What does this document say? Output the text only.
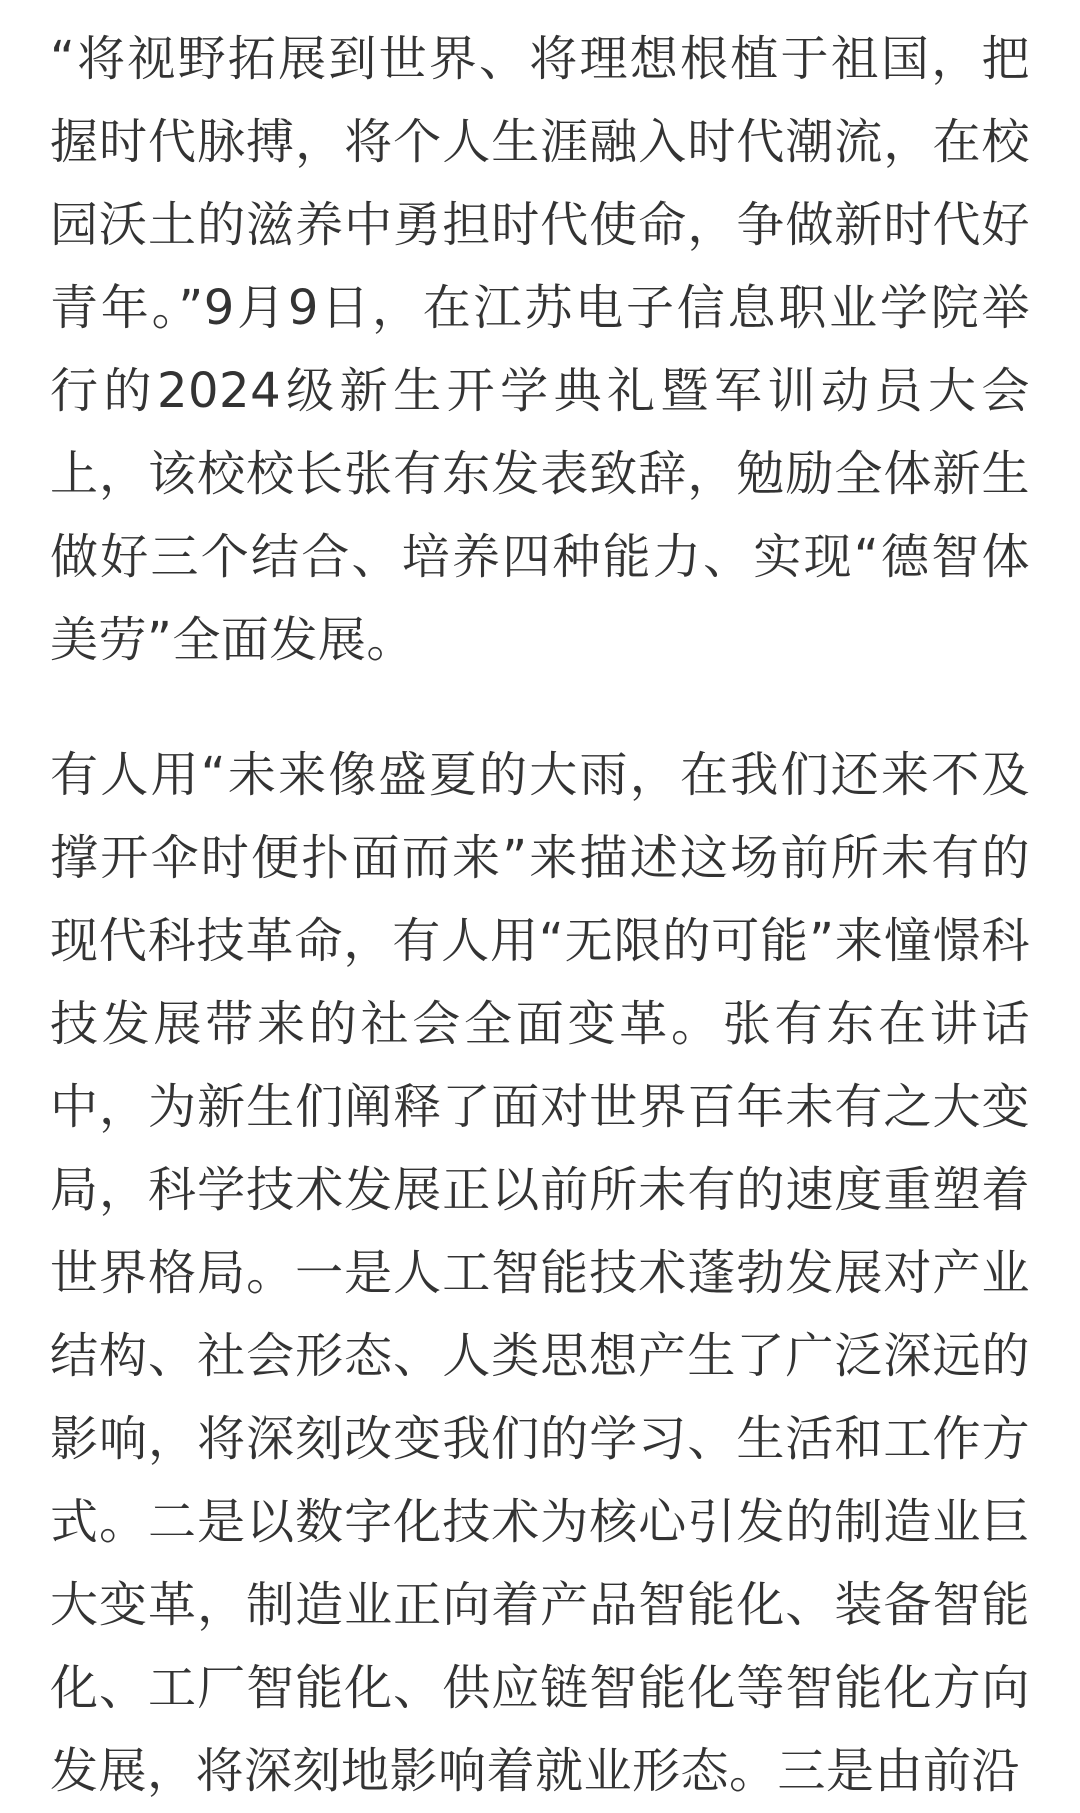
“将视野拓展到世界、将理想根植于祖国，把握时代脉搏，将个人生涯融入时代潮流，在校园沃土的滋养中勇担时代使命，争做新时代好青年。”9月9日，在江苏电子信息职业学院举行的2024级新生开学典礼暨军训动员大会上，该校校长张有东发表致辞，勉励全体新生做好三个结合、培养四种能力、实现“德智体美劳”全面发展。

有人用“未来像盛夏的大雨，在我们还来不及撑开伞时便扑面而来”来描述这场前所未有的现代科技革命，有人用“无限的可能”来憧憬科技发展带来的社会全面变革。张有东在讲话中，为新生们阐释了面对世界百年未有之大变局，科学技术发展正以前所未有的速度重塑着世界格局。一是人工智能技术蓬勃发展对产业结构、社会形态、人类思想产生了广泛深远的影响，将深刻改变我们的学习、生活和工作方式。二是以数字化技术为核心引发的制造业巨大变革，制造业正向着产品智能化、装备智能化、工厂智能化、供应链智能化等智能化方向发展，将深刻地影响着就业形态。三是由前沿
